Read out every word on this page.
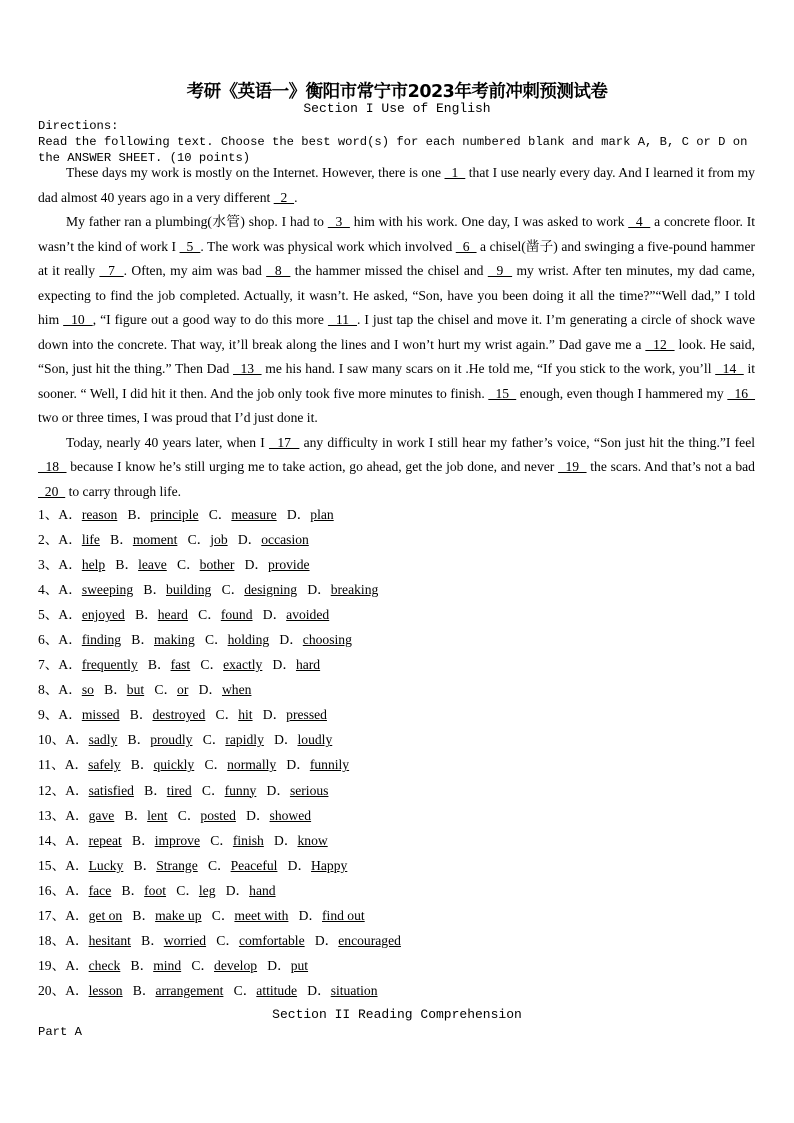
考研《英语一》衡阳市常宁市2023年考前冲刺预测试卷
Section I Use of English
Directions:
Read the following text. Choose the best word(s) for each numbered blank and mark A, B, C or D on the ANSWER SHEET. (10 points)

These days my work is mostly on the Internet. However, there is one   1   that I use nearly every day. And I learned it from my dad almost 40 years ago in a very different   2  .

My father ran a plumbing(水管) shop. I had to   3   him with his work. One day, I was asked to work   4   a concrete floor. It wasn’t the kind of work I   5  . The work was physical work which involved   6   a chisel(凿子) and swinging a five-pound hammer at it really   7  . Often, my aim was bad   8   the hammer missed the chisel and   9   my wrist. After ten minutes, my dad came, expecting to find the job completed. Actually, it wasn’t. He asked, “Son, have you been doing it all the time?”“Well dad,” I told him   10  , “I figure out a good way to do this more   11  . I just tap the chisel and move it. I’m generating a circle of shock wave down into the concrete. That way, it’ll break along the lines and I won’t hurt my wrist again.” Dad gave me a   12   look. He said, “Son, just hit the thing.” Then Dad   13   me his hand. I saw many scars on it .He told me, “If you stick to the work, you’ll   14   it sooner. “ Well, I did hit it then. And the job only took five more minutes to finish.   15   enough, even though I hammered my   16   two or three times, I was proud that I’d just done it.

Today, nearly 40 years later, when I   17   any difficulty in work I still hear my father’s voice, “Son just hit the thing.”I feel   18   because I know he’s still urging me to take action, go ahead, get the job done, and never   19   the scars. And that’s not a bad   20   to carry through life.

1、A．reason B．principle C．measure D．plan
2、A．life B．moment C．job D．occasion
3、A．help B．leave C．bother D．provide
4、A．sweeping B．building C．designing D．breaking
5、A．enjoyed B．heard C．found D．avoided
6、A．finding B．making C．holding D．choosing
7、A．frequently B．fast C．exactly D．hard
8、A．so B．but C．or D．when
9、A．missed B．destroyed C．hit D．pressed
10、A．sadly B．proudly C．rapidly D．loudly
11、A．safely B．quickly C．normally D．funnily
12、A．satisfied B．tired C．funny D．serious
13、A．gave B．lent C．posted D．showed
14、A．repeat B．improve C．finish D．know
15、A．Lucky B．Strange C．Peaceful D．Happy
16、A．face B．foot C．leg D．hand
17、A．get on B．make up C．meet with D．find out
18、A．hesitant B．worried C．comfortable D．encouraged
19、A．check B．mind C．develop D．put
20、A．lesson B．arrangement C．attitude D．situation
Section II Reading Comprehension
Part A
